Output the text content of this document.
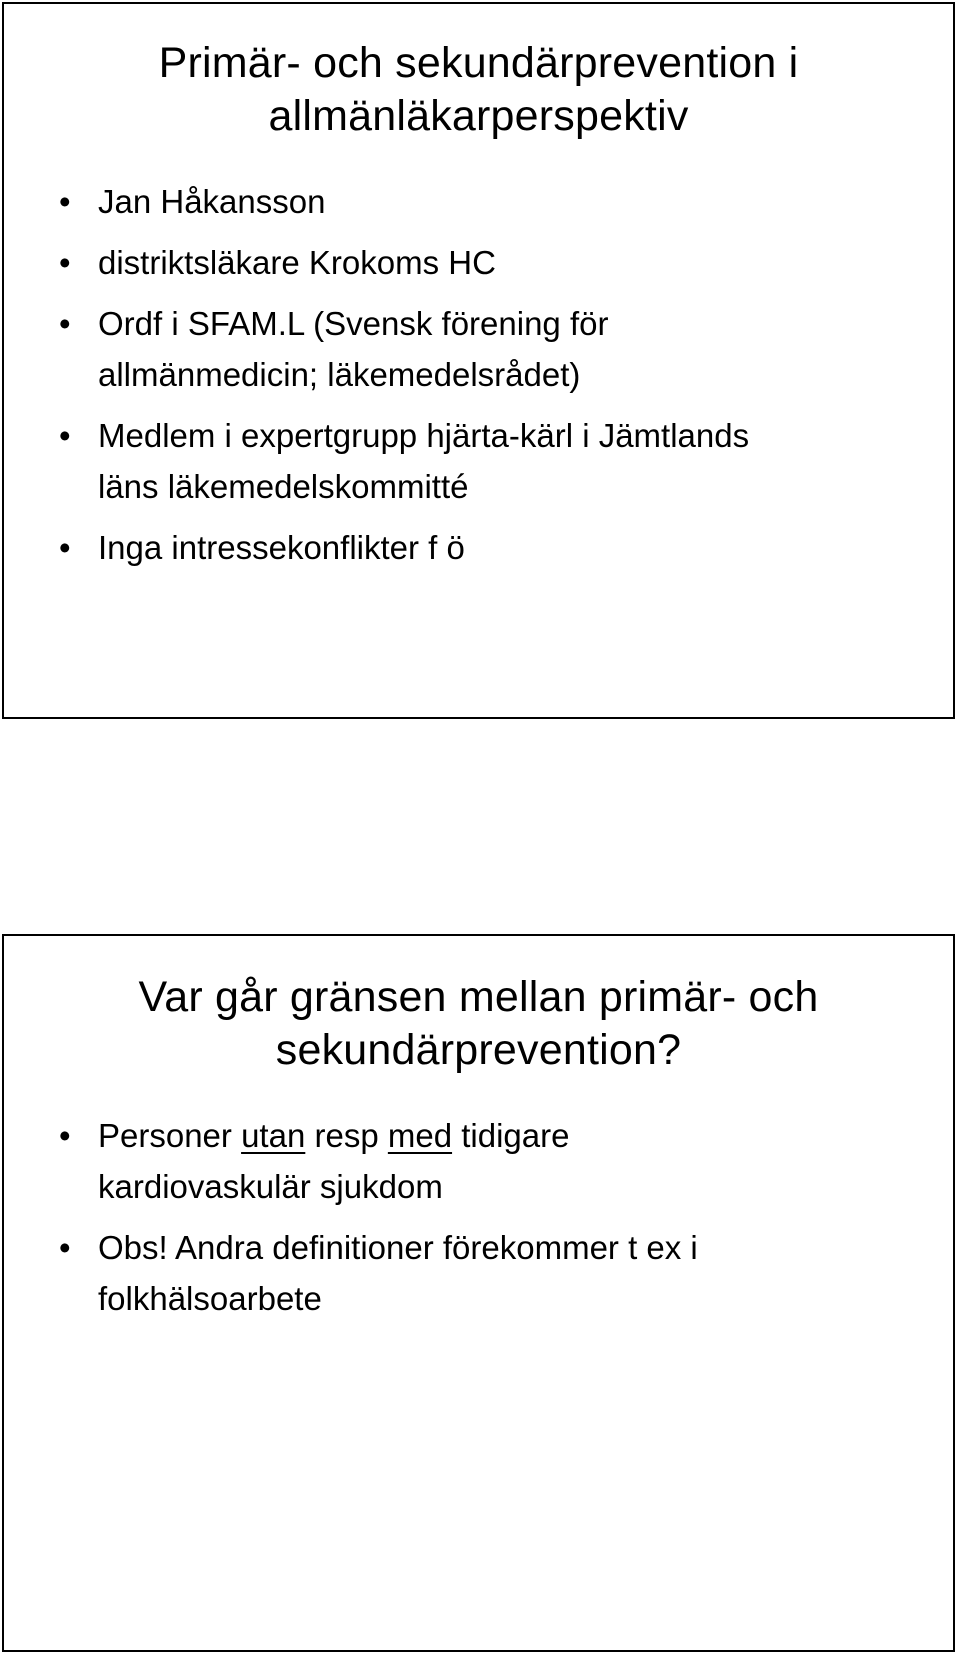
Primär- och sekundärprevention i
allmänläkarperspektiv
• Jan Håkansson
• distriktsläkare Krokoms HC
• Ordf i SFAM.L (Svensk förening för
allmänmedicin; läkemedelsrådet)
• Medlem i expertgrupp hjärta-kärl i Jämtlands
läns läkemedelskommitté
• Inga intressekonflikter f ö
Var går gränsen mellan primär- och
sekundärprevention?
• Personer utan resp med tidigare
kardiovaskulär sjukdom
• Obs! Andra definitioner förekommer t ex i
folkhälsoarbete
